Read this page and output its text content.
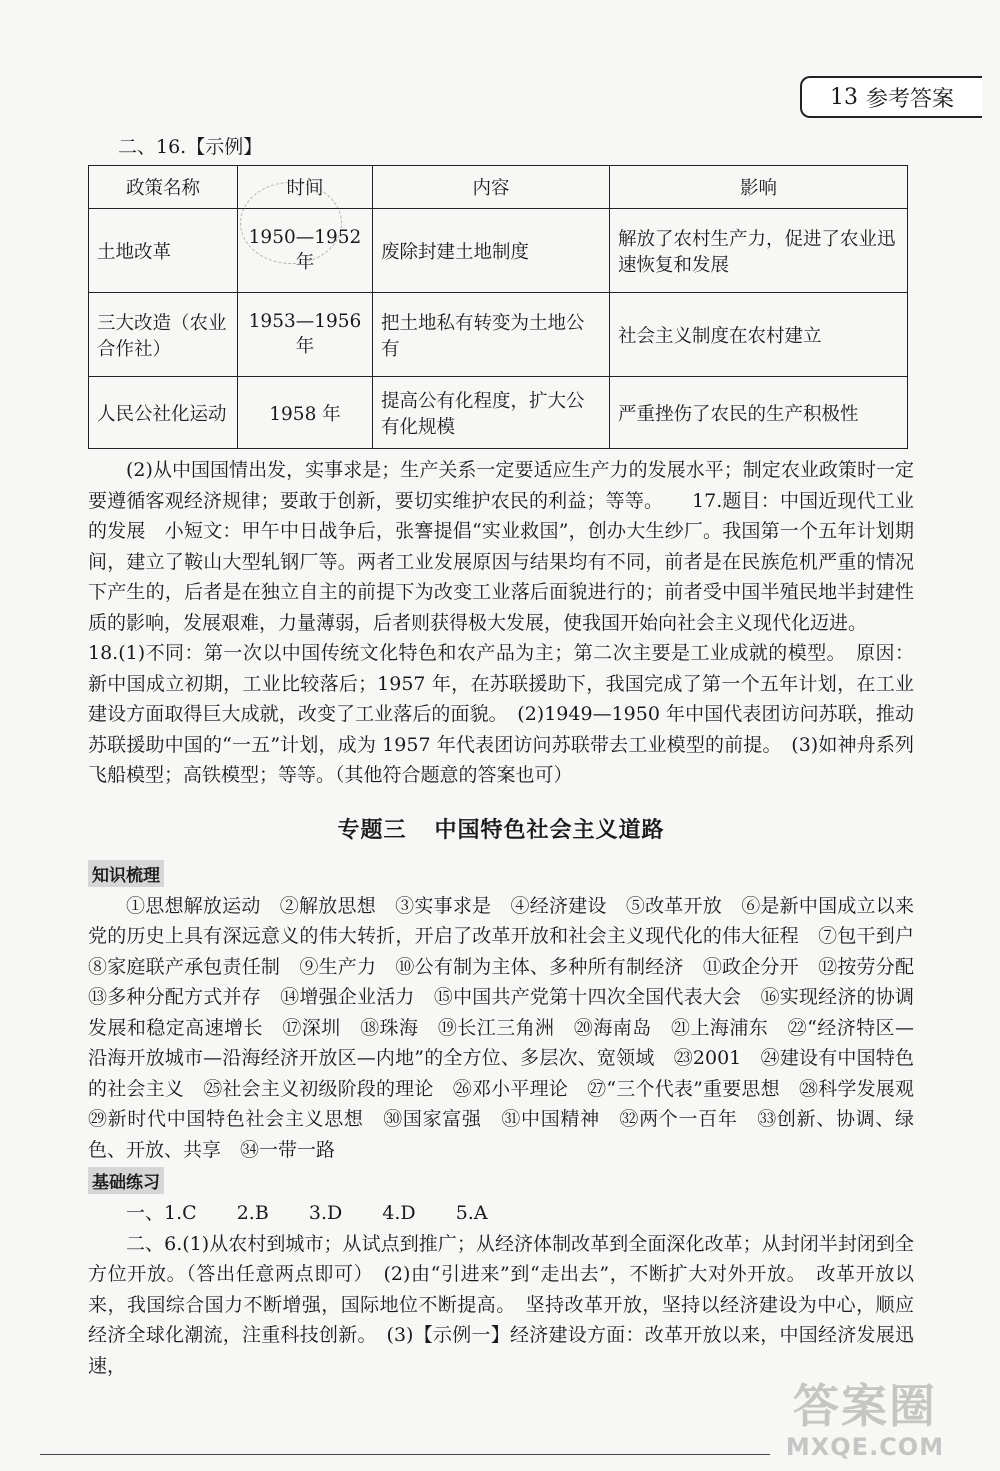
13 参考答案
二、16.【示例】
政策名称	时间	内容	影响
土地改革	1950—1952 年	废除封建土地制度	解放了农村生产力，促进了农业迅速恢复和发展
三大改造（农业合作社）	1953—1956 年	把土地私有转变为土地公有	社会主义制度在农村建立
人民公社化运动	1958 年	提高公有化程度，扩大公有化规模	严重挫伤了农民的生产积极性

(2)从中国国情出发，实事求是；生产关系一定要适应生产力的发展水平；制定农业政策时一定要遵循客观经济规律；要敢于创新，要切实维护农民的利益；等等。　　17.题目：中国近现代工业的发展　小短文：甲午中日战争后，张謇提倡“实业救国”，创办大生纱厂。我国第一个五年计划期间，建立了鞍山大型轧钢厂等。两者工业发展原因与结果均有不同，前者是在民族危机严重的情况下产生的，后者是在独立自主的前提下为改变工业落后面貌进行的；前者受中国半殖民地半封建性质的影响，发展艰难，力量薄弱，后者则获得极大发展，使我国开始向社会主义现代化迈进。

18.(1)不同：第一次以中国传统文化特色和农产品为主；第二次主要是工业成就的模型。　原因：新中国成立初期，工业比较落后；1957 年，在苏联援助下，我国完成了第一个五年计划，在工业建设方面取得巨大成就，改变了工业落后的面貌。　(2)1949—1950 年中国代表团访问苏联，推动苏联援助中国的“一五”计划，成为 1957 年代表团访问苏联带去工业模型的前提。　(3)如神舟系列飞船模型；高铁模型；等等。（其他符合题意的答案也可）

专题三 中国特色社会主义道路
知识梳理

①思想解放运动　②解放思想　③实事求是　④经济建设　⑤改革开放　⑥是新中国成立以来党的历史上具有深远意义的伟大转折，开启了改革开放和社会主义现代化的伟大征程　⑦包干到户　⑧家庭联产承包责任制　⑨生产力　⑩公有制为主体、多种所有制经济　⑪政企分开　⑫按劳分配　⑬多种分配方式并存　⑭增强企业活力　⑮中国共产党第十四次全国代表大会　⑯实现经济的协调发展和稳定高速增长　⑰深圳　⑱珠海　⑲长江三角洲　⑳海南岛　㉑上海浦东　㉒“经济特区—沿海开放城市—沿海经济开放区—内地”的全方位、多层次、宽领域　㉓2001　㉔建设有中国特色的社会主义　㉕社会主义初级阶段的理论　㉖邓小平理论　㉗“三个代表”重要思想　㉘科学发展观　㉙新时代中国特色社会主义思想　㉚国家富强　㉛中国精神　㉜两个一百年　㉝创新、协调、绿色、开放、共享　㉞一带一路

基础练习

一、1.C 2.B 3.D 4.D 5.A

二、6.(1)从农村到城市；从试点到推广；从经济体制改革到全面深化改革；从封闭半封闭到全方位开放。（答出任意两点即可）　(2)由“引进来”到“走出去”，不断扩大对外开放。　改革开放以来，我国综合国力不断增强，国际地位不断提高。　坚持改革开放，坚持以经济建设为中心，顺应经济全球化潮流，注重科技创新。　(3)【示例一】经济建设方面：改革开放以来，中国经济发展迅速，

答案圈
MXQE.COM
